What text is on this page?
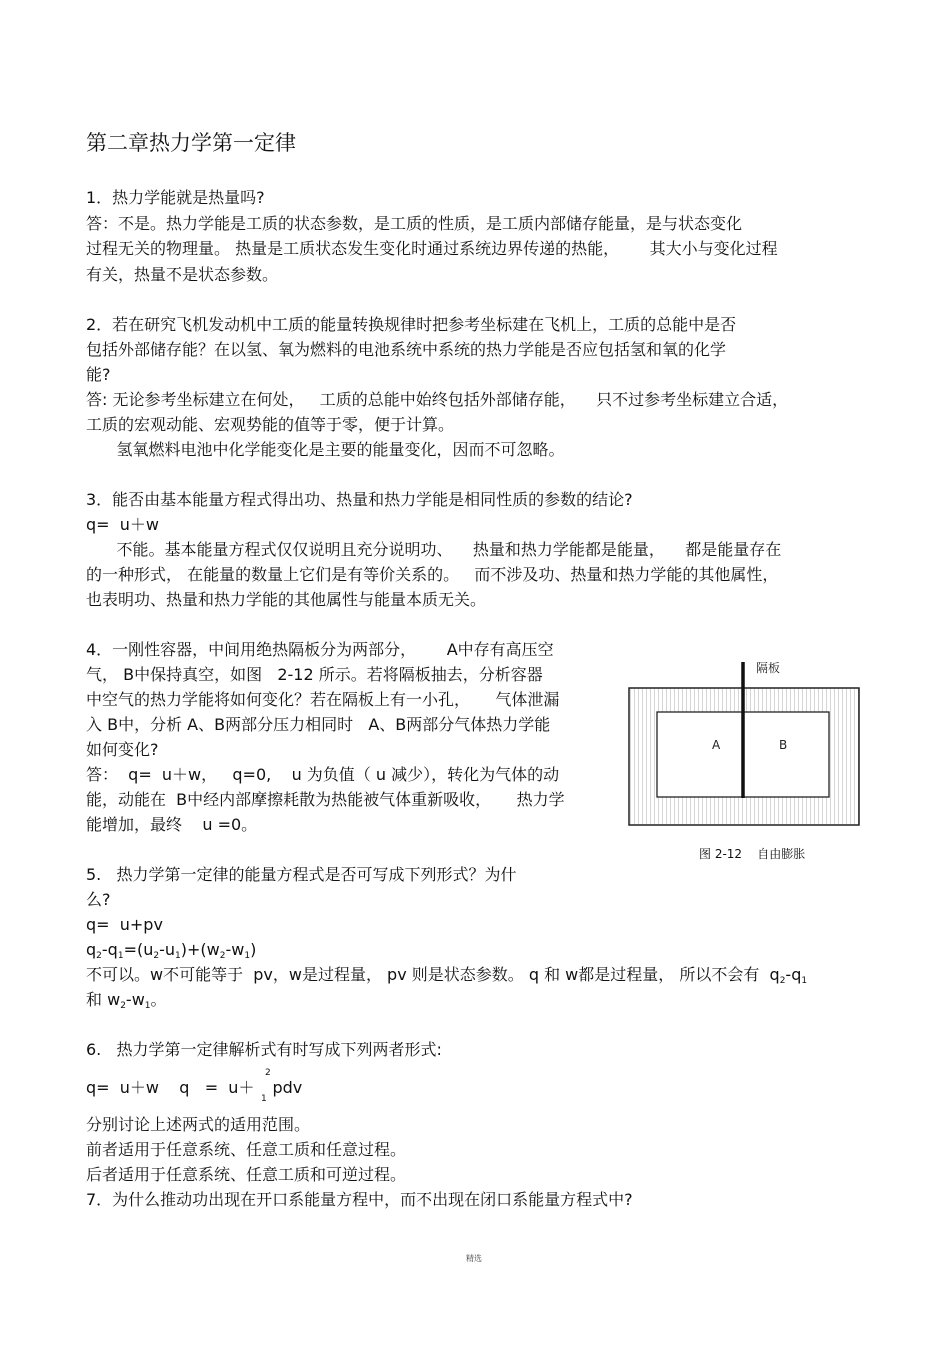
第二章热力学第一定律
1．热力学能就是热量吗?
答：不是。热力学能是工质的状态参数，是工质的性质，是工质内部储存能量，是与状态变化
过程无关的物理量。 热量是工质状态发生变化时通过系统边界传递的热能，      其大小与变化过程
有关，热量不是状态参数。
2．若在研究飞机发动机中工质的能量转换规律时把参考坐标建在飞机上，工质的总能中是否
包括外部储存能？在以氢、氧为燃料的电池系统中系统的热力学能是否应包括氢和氧的化学
能?
答: 无论参考坐标建立在何处，   工质的总能中始终包括外部储存能，    只不过参考坐标建立合适，
工质的宏观动能、宏观势能的值等于零，便于计算。
氢氧燃料电池中化学能变化是主要的能量变化，因而不可忽略。
3．能否由基本能量方程式得出功、热量和热力学能是相同性质的参数的结论?
q=  u＋w
不能。基本能量方程式仅仅说明且充分说明功、    热量和热力学能都是能量，    都是能量存在
的一种形式， 在能量的数量上它们是有等价关系的。   而不涉及功、热量和热力学能的其他属性，
也表明功、热量和热力学能的其他属性与能量本质无关。
4．一刚性容器，中间用绝热隔板分为两部分，      A中存有高压空
气， B中保持真空，如图   2-12 所示。若将隔板抽去，分析容器
中空气的热力学能将如何变化？若在隔板上有一小孔，     气体泄漏
入 B中，分析 A、B两部分压力相同时   A、B两部分气体热力学能
如何变化?
答：  q=  u＋w，   q=0,    u 为负值（ u 减少），转化为气体的动
能，动能在  B中经内部摩擦耗散为热能被气体重新吸收，     热力学
能增加，最终    u =0。
隔板
A	B
图 2-12    自由膨胀
5.   热力学第一定律的能量方程式是否可写成下列形式？为什
么?
q=  u+pv
$q_2-q_1=(u_2-u_1)+(w_2-w_1)$
不可以。w不可能等于  pv，w是过程量， pv 则是状态参数。 q 和 w都是过程量， 所以不会有  $q_2-q_1$
和 $w_2-w_1$。
6.   热力学第一定律解析式有时写成下列两者形式:
q=  u＋w    q   =  u＋ pdv
2
1
分别讨论上述两式的适用范围。
前者适用于任意系统、任意工质和任意过程。
后者适用于任意系统、任意工质和可逆过程。
7．为什么推动功出现在开口系能量方程中，而不出现在闭口系能量方程式中?
精选
